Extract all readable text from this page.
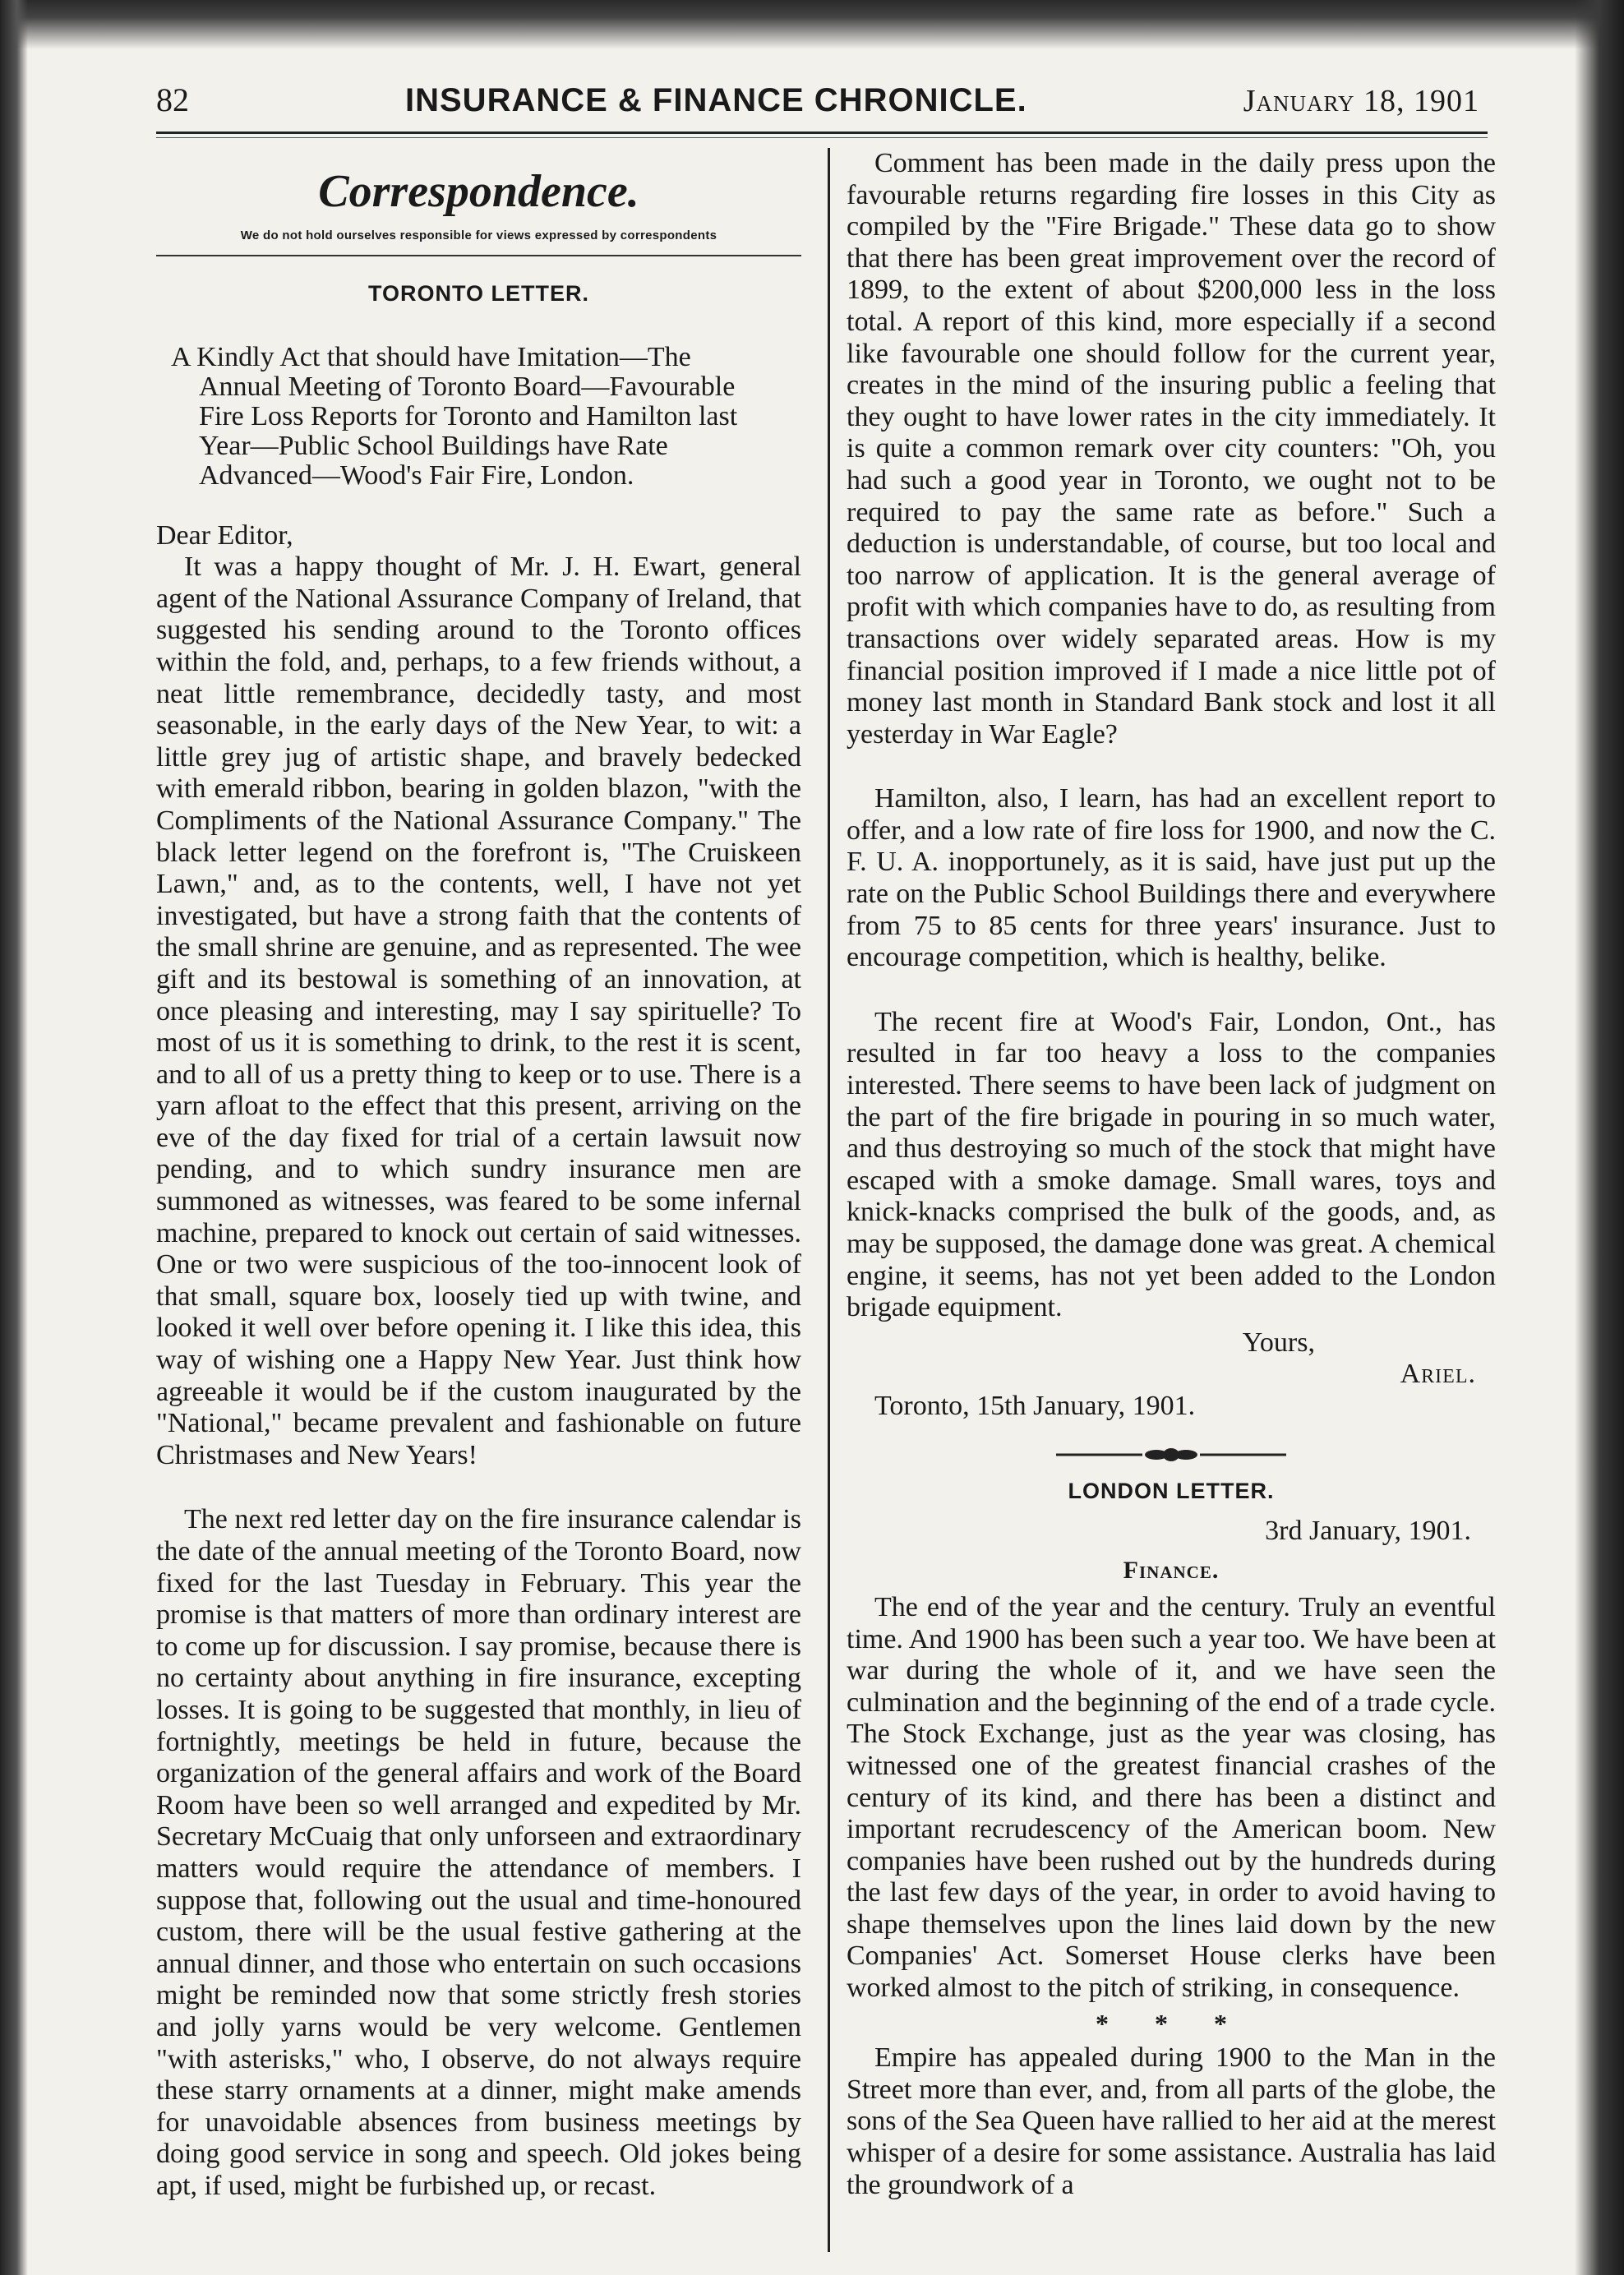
82	INSURANCE & FINANCE CHRONICLE.	January 18, 1901
Correspondence.
We do not hold ourselves responsible for views expressed by correspondents
TORONTO LETTER.
A Kindly Act that should have Imitation—The Annual Meeting of Toronto Board—Favourable Fire Loss Reports for Toronto and Hamilton last Year—Public School Buildings have Rate Advanced—Wood's Fair Fire, London.
Dear Editor,

It was a happy thought of Mr. J. H. Ewart, general agent of the National Assurance Company of Ireland, that suggested his sending around to the Toronto offices within the fold, and, perhaps, to a few friends without, a neat little remembrance, decidedly tasty, and most seasonable, in the early days of the New Year, to wit: a little grey jug of artistic shape, and bravely bedecked with emerald ribbon, bearing in golden blazon, "with the Compliments of the National Assurance Company." The black letter legend on the forefront is, "The Cruiskeen Lawn," and, as to the contents, well, I have not yet investigated, but have a strong faith that the contents of the small shrine are genuine, and as represented. The wee gift and its bestowal is something of an innovation, at once pleasing and interesting, may I say spirituelle? To most of us it is something to drink, to the rest it is scent, and to all of us a pretty thing to keep or to use. There is a yarn afloat to the effect that this present, arriving on the eve of the day fixed for trial of a certain lawsuit now pending, and to which sundry insurance men are summoned as witnesses, was feared to be some infernal machine, prepared to knock out certain of said witnesses. One or two were suspicious of the too-innocent look of that small, square box, loosely tied up with twine, and looked it well over before opening it. I like this idea, this way of wishing one a Happy New Year. Just think how agreeable it would be if the custom inaugurated by the "National," became prevalent and fashionable on future Christmases and New Years!

The next red letter day on the fire insurance calendar is the date of the annual meeting of the Toronto Board, now fixed for the last Tuesday in February. This year the promise is that matters of more than ordinary interest are to come up for discussion. I say promise, because there is no certainty about anything in fire insurance, excepting losses. It is going to be suggested that monthly, in lieu of fortnightly, meetings be held in future, because the organization of the general affairs and work of the Board Room have been so well arranged and expedited by Mr. Secretary McCuaig that only unforseen and extraordinary matters would require the attendance of members. I suppose that, following out the usual and time-honoured custom, there will be the usual festive gathering at the annual dinner, and those who entertain on such occasions might be reminded now that some strictly fresh stories and jolly yarns would be very welcome. Gentlemen "with asterisks," who, I observe, do not always require these starry ornaments at a dinner, might make amends for unavoidable absences from business meetings by doing good service in song and speech. Old jokes being apt, if used, might be furbished up, or recast.

Comment has been made in the daily press upon the favourable returns regarding fire losses in this City as compiled by the "Fire Brigade." These data go to show that there has been great improvement over the record of 1899, to the extent of about $200,000 less in the loss total. A report of this kind, more especially if a second like favourable one should follow for the current year, creates in the mind of the insuring public a feeling that they ought to have lower rates in the city immediately. It is quite a common remark over city counters: "Oh, you had such a good year in Toronto, we ought not to be required to pay the same rate as before." Such a deduction is understandable, of course, but too local and too narrow of application. It is the general average of profit with which companies have to do, as resulting from transactions over widely separated areas. How is my financial position improved if I made a nice little pot of money last month in Standard Bank stock and lost it all yesterday in War Eagle?

Hamilton, also, I learn, has had an excellent report to offer, and a low rate of fire loss for 1900, and now the C. F. U. A. inopportunely, as it is said, have just put up the rate on the Public School Buildings there and everywhere from 75 to 85 cents for three years' insurance. Just to encourage competition, which is healthy, belike.

The recent fire at Wood's Fair, London, Ont., has resulted in far too heavy a loss to the companies interested. There seems to have been lack of judgment on the part of the fire brigade in pouring in so much water, and thus destroying so much of the stock that might have escaped with a smoke damage. Small wares, toys and knick-knacks comprised the bulk of the goods, and, as may be supposed, the damage done was great. A chemical engine, it seems, has not yet been added to the London brigade equipment.

Yours,
Ariel.
Toronto, 15th January, 1901.
LONDON LETTER.
3rd January, 1901.
Finance.

The end of the year and the century. Truly an eventful time. And 1900 has been such a year too. We have been at war during the whole of it, and we have seen the culmination and the beginning of the end of a trade cycle. The Stock Exchange, just as the year was closing, has witnessed one of the greatest financial crashes of the century of its kind, and there has been a distinct and important recrudescency of the American boom. New companies have been rushed out by the hundreds during the last few days of the year, in order to avoid having to shape themselves upon the lines laid down by the new Companies' Act. Somerset House clerks have been worked almost to the pitch of striking, in consequence.

* * *

Empire has appealed during 1900 to the Man in the Street more than ever, and, from all parts of the globe, the sons of the Sea Queen have rallied to her aid at the merest whisper of a desire for some assistance. Australia has laid the groundwork of a
